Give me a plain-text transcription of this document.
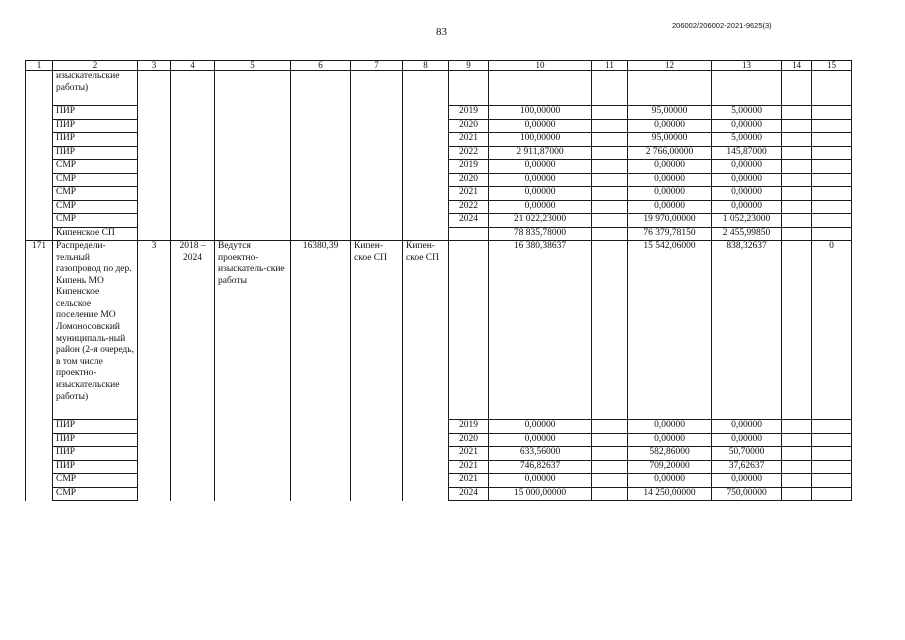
83
206002/206002-2021-9625(3)
1	2	3	4	5	6	7	8	9	10	11	12	13	14	15
	изыскательские работы)													
	ПИР							2019	100,00000		95,00000	5,00000		
	ПИР							2020	0,00000		0,00000	0,00000		
	ПИР							2021	100,00000		95,00000	5,00000		
	ПИР							2022	2 911,87000		2 766,00000	145,87000		
	СМР							2019	0,00000		0,00000	0,00000		
	СМР							2020	0,00000		0,00000	0,00000		
	СМР							2021	0,00000		0,00000	0,00000		
	СМР							2022	0,00000		0,00000	0,00000		
	СМР							2024	21 022,23000		19 970,00000	1 052,23000		
	Кипенское СП								78 835,78000		76 379,78150	2 455,99850		
171	Распредели-тельный газопровод по дер. Кипень МО Кипенское сельское поселение МО Ломоносовский муниципаль-ный район (2-я очередь, в том числе проектно-изыскательские работы)	3	2018 – 2024	Ведутся проектно-изыскатель-ские работы	16380,39	Кипен-ское СП	Кипен-ское СП		16 380,38637		15 542,06000	838,32637		0
	ПИР							2019	0,00000		0,00000	0,00000		
	ПИР							2020	0,00000		0,00000	0,00000		
	ПИР							2021	633,56000		582,86000	50,70000		
	ПИР							2021	746,82637		709,20000	37,62637		
	СМР							2021	0,00000		0,00000	0,00000		
	СМР							2024	15 000,00000		14 250,00000	750,00000		
